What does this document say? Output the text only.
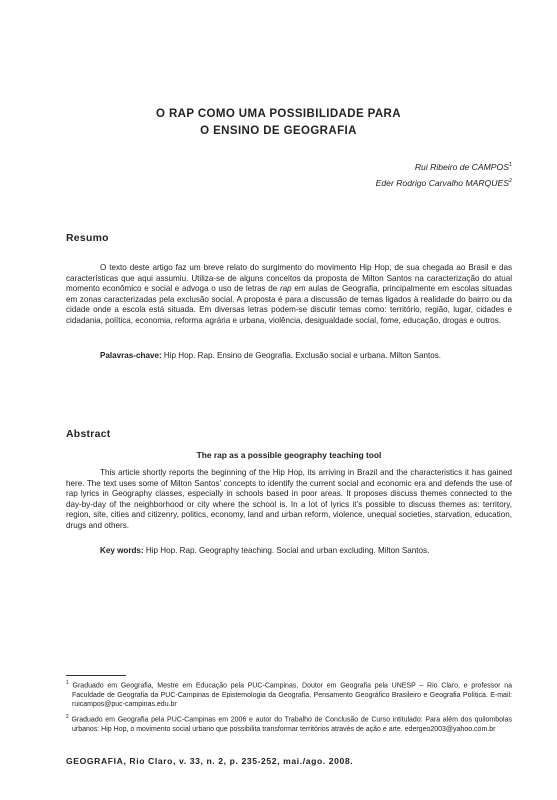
O RAP COMO UMA POSSIBILIDADE PARA
O ENSINO DE GEOGRAFIA
Rui Ribeiro de CAMPOS$^1$
Eder Rodrigo Carvalho MARQUES$^2$
Resumo
O texto deste artigo faz um breve relato do surgimento do movimento Hip Hop, de sua chegada ao Brasil e das características que aqui assumiu. Utiliza-se de alguns conceitos da proposta de Milton Santos na caracterização do atual momento econômico e social e advoga o uso de letras de rap em aulas de Geografia, principalmente em escolas situadas em zonas caracterizadas pela exclusão social. A proposta é para a discussão de temas ligados à realidade do bairro ou da cidade onde a escola está situada. Em diversas letras podem-se discutir temas como: território, região, lugar, cidades e cidadania, política, economia, reforma agrária e urbana, violência, desigualdade social, fome, educação, drogas e outros.
Palavras-chave: Hip Hop. Rap. Ensino de Geografia. Exclusão social e urbana. Milton Santos.
Abstract
The rap as a possible geography teaching tool
This article shortly reports the beginning of the Hip Hop, its arriving in Brazil and the characteristics it has gained here. The text uses some of Milton Santos’ concepts to identify the current social and economic era and defends the use of rap lyrics in Geography classes, especially in schools based in poor areas. It proposes discuss themes connected to the day-by-day of the neighborhood or city where the school is. In a lot of lyrics it’s possible to discuss themes as: territory, region, site, cities and citizenry, politics, economy, land and urban reform, violence, unequal societies, starvation, education, drugs and others.
Key words: Hip Hop. Rap. Geography teaching. Social and urban excluding. Milton Santos.
$^1$ Graduado em Geografia, Mestre em Educação pela PUC-Campinas, Doutor em Geografia pela UNESP – Rio Claro, e professor na Faculdade de Geografia da PUC-Campinas de Epistemologia da Geografia, Pensamento Geográfico Brasileiro e Geografia Política. E-mail: ruicampos@puc-campinas.edu.br
$^2$ Graduado em Geografia pela PUC-Campinas em 2006 e autor do Trabalho de Conclusão de Curso intitulado: Para além dos quilombolas urbanos: Hip Hop, o movimento social urbano que possibilita transformar territórios através de ação e arte. edergeo2003@yahoo.com.br
GEOGRAFIA, Rio Claro, v. 33, n. 2, p. 235-252, mai./ago. 2008.
